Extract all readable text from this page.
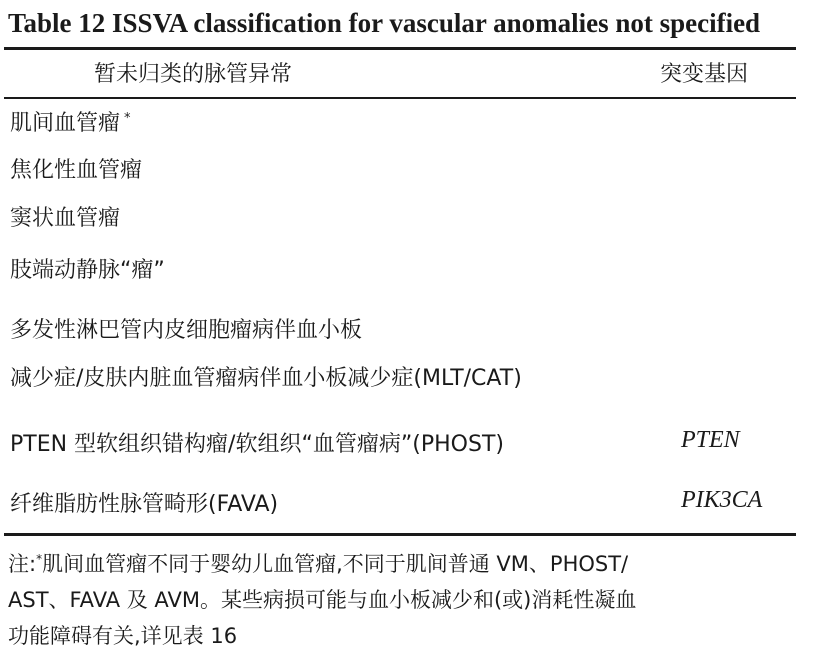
Table 12 ISSVA classification for vascular anomalies not specified
暂未归类的脉管异常	突变基因
肌间血管瘤 *
焦化性血管瘤
窦状血管瘤
肢端动静脉“瘤”
多发性淋巴管内皮细胞瘤病伴血小板
减少症/皮肤内脏血管瘤病伴血小板减少症(MLT/CAT)
PTEN 型软组织错构瘤/软组织“血管瘤病”(PHOST)	PTEN
纤维脂肪性脉管畸形(FAVA)	PIK3CA
注:*肌间血管瘤不同于婴幼儿血管瘤,不同于肌间普通 VM、PHOST/
AST、FAVA 及 AVM。某些病损可能与血小板减少和(或)消耗性凝血
功能障碍有关,详见表 16
